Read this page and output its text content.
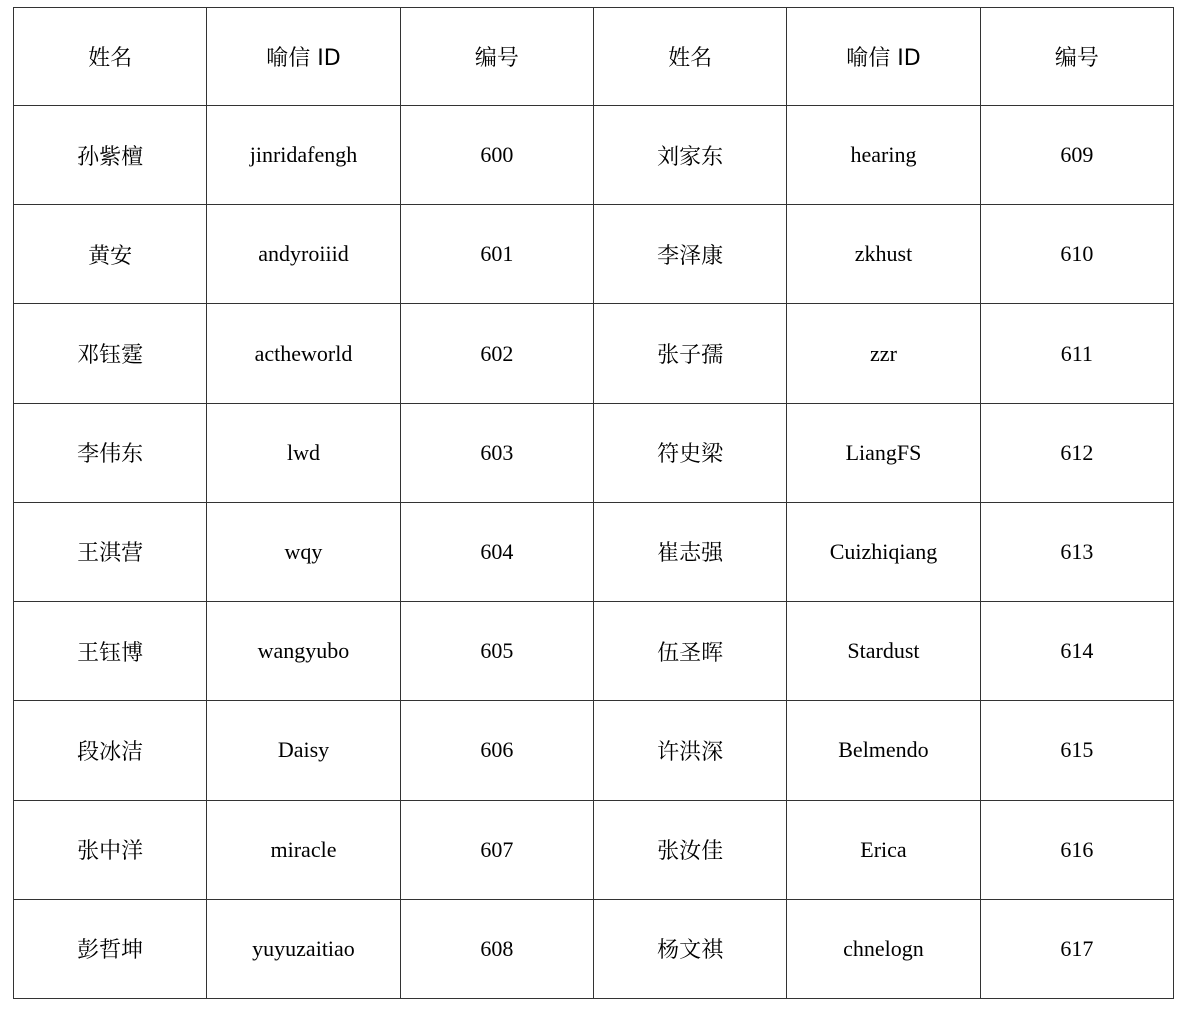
姓名	喻信 ID	编号	姓名	喻信 ID	编号
孙紫檀	jinridafengh	600	刘家东	hearing	609
黄安	andyroiiid	601	李泽康	zkhust	610
邓钰霆	actheworld	602	张子孺	zzr	611
李伟东	lwd	603	符史梁	LiangFS	612
王淇营	wqy	604	崔志强	Cuizhiqiang	613
王钰博	wangyubo	605	伍圣晖	Stardust	614
段冰洁	Daisy	606	许洪深	Belmendo	615
张中洋	miracle	607	张汝佳	Erica	616
彭哲坤	yuyuzaitiao	608	杨文祺	chnelogn	617
